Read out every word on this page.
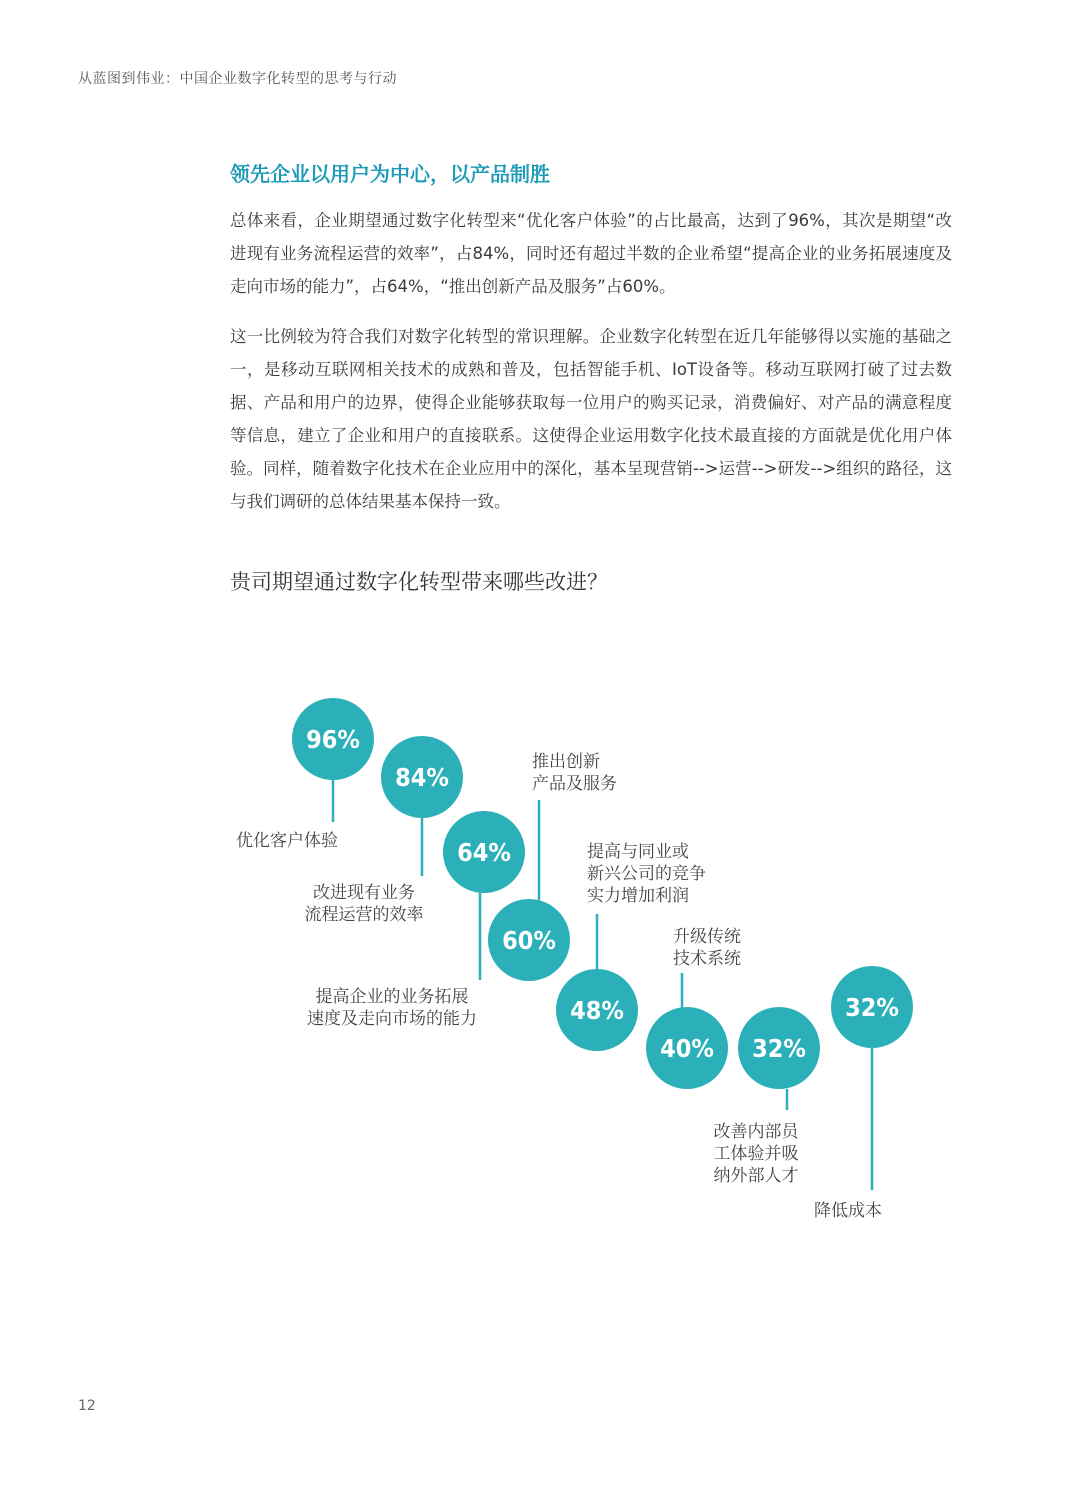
从蓝图到伟业：中国企业数字化转型的思考与行动
领先企业以用户为中心，以产品制胜

总体来看，企业期望通过数字化转型来“优化客户体验”的占比最高，达到了96%，其次是期望“改进现有业务流程运营的效率”，占84%，同时还有超过半数的企业希望“提高企业的业务拓展速度及走向市场的能力”，占64%，“推出创新产品及服务”占60%。

这一比例较为符合我们对数字化转型的常识理解。企业数字化转型在近几年能够得以实施的基础之一，是移动互联网相关技术的成熟和普及，包括智能手机、IoT设备等。移动互联网打破了过去数据、产品和用户的边界，使得企业能够获取每一位用户的购买记录，消费偏好、对产品的满意程度等信息，建立了企业和用户的直接联系。这使得企业运用数字化技术最直接的方面就是优化用户体验。同样，随着数字化技术在企业应用中的深化，基本呈现营销-->运营-->研发-->组织的路径，这与我们调研的总体结果基本保持一致。

贵司期望通过数字化转型带来哪些改进？
96%
优化客户体验
84%
改进现有业务流程运营的效率
64%
提高企业的业务拓展速度及走向市场的能力
60%
推出创新产品及服务
48%
提高与同业或新兴公司的竞争实力增加利润
40%
升级传统技术系统
32%
改善内部员工体验并吸纳外部人才
32%
降低成本
12
